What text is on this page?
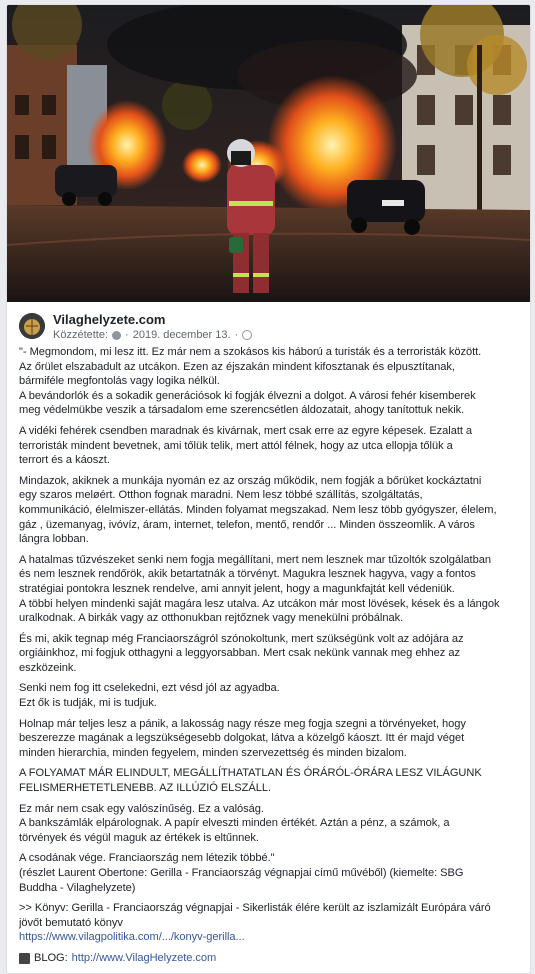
Vilaghelyzete.com
Közzétette: · 2019. december 13. ·

"- Megmondom, mi lesz itt. Ez már nem a szokásos kis háború a turisták és a terroristák között.
Az őrület elszabadult az utcákon. Ezen az éjszakán mindent kifosztanak és elpusztítanak,
bármiféle megfontolás vagy logika nélkül.
A bevándorlók és a sokadik generációsok ki fogják élvezni a dolgot. A városi fehér kisemberek
meg védelmükbe veszik a társadalom eme szerencsétlen áldozatait, ahogy tanítottuk nekik.

A vidéki fehérek csendben maradnak és kivárnak, mert csak erre az egyre képesek. Ezalatt a
terroristák mindent bevetnek, ami tőlük telik, mert attól félnek, hogy az utca ellopja tőlük a
terrort és a káoszt.

Mindazok, akiknek a munkája nyomán ez az ország működik, nem fogják a bőrüket kockáztatni
egy szaros meløért. Otthon fognak maradni. Nem lesz többé szállítás, szolgáltatás,
kommunikáció, élelmiszer-ellátás. Minden folyamat megszakad. Nem lesz több gyógyszer, élelem,
gáz , üzemanyag, ivóvíz, áram, internet, telefon, mentő, rendőr ... Minden összeomlik. A város
lángra lobban.

A hatalmas tűzvészeket senki nem fogja megállítani, mert nem lesznek mar tűzoltók szolgálatban
és nem lesznek rendőrök, akik betartatnák a törvényt. Magukra lesznek hagyva, vagy a fontos
stratégiai pontokra lesznek rendelve, ami annyit jelent, hogy a magunkfajtát kell védeniük.
A többi helyen mindenki saját magára lesz utalva. Az utcákon már most lövések, kések és a lángok
uralkodnak. A birkák vagy az otthonukban rejtőznek vagy menekülni próbálnak.

És mi, akik tegnap még Franciaországról szónokoltunk, mert szükségünk volt az adójára az
orgiáinkhoz, mi fogjuk otthagyni a leggyorsabban. Mert csak nekünk vannak meg ehhez az
eszközeink.

Senki nem fog itt cselekedni, ezt vésd jól az agyadba.
Ezt ők is tudják, mi is tudjuk.

Holnap már teljes lesz a pánik, a lakosság nagy része meg fogja szegni a törvényeket, hogy
beszerezze magának a legszükségesebb dolgokat, látva a közelgő káoszt. Itt ér majd véget
minden hierarchia, minden fegyelem, minden szervezettség és minden bizalom.

A FOLYAMAT MÁR ELINDULT, MEGÁLLÍTHATATLAN ÉS ÓRÁRÓL-ÓRÁRA LESZ VILÁGUNK
FELISMERHETETLENEBB. AZ ILLÚZIÓ ELSZÁLL.

Ez már nem csak egy valószínűség. Ez a valóság.
A bankszámlák elpárolognak. A papír elveszti minden értékét. Aztán a pénz, a számok, a
törvények és végül maguk az értékek is eltűnnek.

A csodának vége. Franciaország nem létezik többé."
(részlet Laurent Obertone: Gerilla - Franciaország végnapjai című művéből) (kiemelte: SBG
Buddha - Vilaghelyzete)

>> Könyv: Gerilla - Franciaország végnapjai - Sikerlisták élére került az iszlamizált Európára váró
jövőt bemutató könyv

https://www.vilagpolitika.com/.../konyv-gerilla...
BLOG: http://www.VilagHelyzete.com
